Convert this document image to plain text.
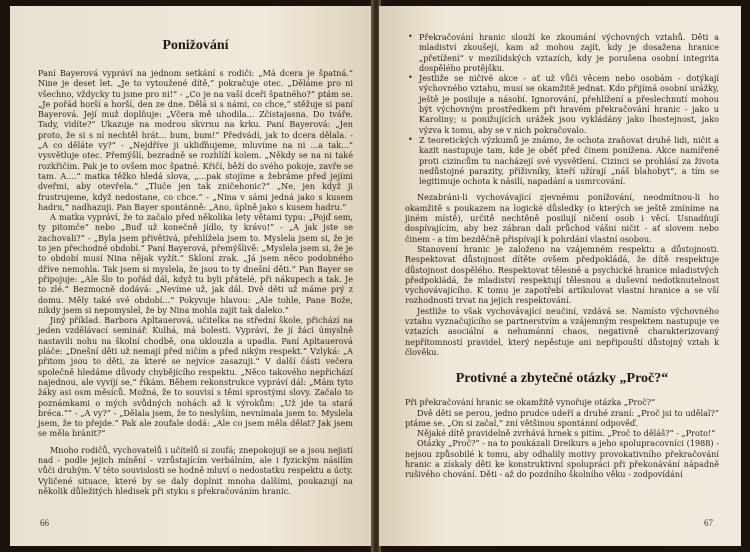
Ponižování

Paní Bayerová vypráví na jednom setkání s rodiči: „Má dcera je špatná.“ Nine je deset let. „Je to vytoužené dítě,“ pokračuje otec. „Děláme pro ni všechno, vždycky tu jsme pro ni!“ - „Co je na vaší dceři špatného?“ ptám se. „Je pořád horší a horší, den ze dne. Dělá si s námi, co chce,“ stěžuje si paní Bayerová. Její muž doplňuje: „Včera mě uhodila... Zčistajasna. Do tváře. Tady, vidíte?“ Ukazuje na modrou skvrnu na krku. Paní Bayerová: „Jen proto, že si s ní nechtěl hrát... bum, bum!“ Předvádí, jak to dcera dělala. - „A co děláte vy?“ - „Nejdříve ji ukliďňujeme, mluvíme na ni ...a tak...“ vysvětluje otec. Přemýšlí, bezradně se rozhlíží kolem. „Někdy se na ni také rozkřičím. Pak je to ovšem moc špatné. Křičí, běží do svého pokoje, zavře se tam. A....“ matka těžko hledá slova, „...pak stojíme a žebráme před jejími dveřmi, aby otevřela.“ „Tluče jen tak zničehonic?“ „Ne, jen když ji frustrujeme, když nedostane, co chce.“ - „Nina v sámi jedná jako s kusem hadru,“ nadhazuji. Pan Bayer spontánně: „Ano, úplně jako s kusem hadru.“

A matka vypráví, že to začalo před několika lety větami typu: „Pojď sem, ty pitomče“ nebo „Buď už konečně jídlo, ty krávo!“ - „A jak jste se zachovali?“ - „Byla jsem přivětivá, přehlížela jsem to. Myslela jsem si, že je to jen přechodné období.“ Paní Bayerová, přemýšlivě: „Myslela jsem si, že je to období musí Nina nějak vyžít.“ Skloní zrak. „Já jsem něco podobného dříve nemohla. Tak jsem si myslela, že jsou to ty dnešní děti.“ Pan Bayer se připojuje: „Ale šlo to pořád dál, když tu byli přátelé, při nákupech a tak. Je to zlé.“ Bezmocně dodává: „Nevíme už, jak dál. Dvě děti už máme prý z domu. Měly také své období...“ Pokyvuje hlavou: „Ale tohle, Pane Bože, nikdy jsem si nepomyslel, že by Nina mohla zajít tak daleko.“

Jiný příklad. Barbora Apltauerová, učitelka na střední škole, přichází na jeden vzdělávací seminář. Kulhá, má bolesti. Vypráví, že jí žáci úmyslně nastavili nohu na školní chodbě, ona uklouzla a upadla. Paní Apltauerová pláče: „Dnešní děti už nemají před ničím a před nikým respekt.“ Vzlyká: „A přitom jsou to děti, za které se nejvíce zasazuji.“ V další části večera společně hledáme důvody chybějícího respektu. „Něco takového nepřichází najednou, ale vyvíjí se,“ říkám. Během rekonstrukce vypráví dál: „Mám tyto žáky asi osm měsíců. Možná, že to souvisí s těmi sprostými slovy. Začalo to poznámkami o mých svůdných nohách až k výrokům: „Už jde ta stará bréca.““ - „A vy?“ - „Dělala jsem, že to neslyším, nevnímala jsem to. Myslela jsem, že to přejde.“ Pak ale zoufale dodá: „Ale co jsem měla dělat? Jak jsem se měla bránit?“

Mnoho rodičů, vychovatelů i učitelů si zoufá; znepokojují se a jsou nejistí nad - podle jejich mínění - vzrůstajícím verbálním, ale i fyzickým násilím vůči druhým. V této souvislosti se hodně mluví o nedostatku respektu a úcty. Vyličené situace, které by se daly doplnit mnoha dalšími, poukazují na několik důležitých hledisek při styku s překračováním hranic.

66
• Překračování hranic slouží ke zkoumání výchovných vztahů. Děti a mladiství zkoušejí, kam až mohou zajít, kdy je dosažena hranice „přetížení“ v mezilidských vztazích, kdy je porušena osobní integrita dospělého protějšku.
• Jestliže se ničivé akce - ať už vůči věcem nebo osobám - dotýkají výchovného vztahu, musí se okamžitě jednat. Kdo přijímá osobní urážky, ještě je posiluje a násobí. Ignorování, přehlížení a přeslechnutí mohou být výchovným prostředkem při hravém překračování hranic - jako u Karoliny; u ponižujících urážek jsou vykládány jako lhostejnost, jako výzva k tomu, aby se v nich pokračovalo.
• Z teoretických výzkumů je známo, že ochota zraňovat druhé lidi, ničit a kazit nastupuje tam, kde je oběť před činem poníženа. Akce namířené proti cizincům tu nacházejí své vysvětlení. Cizinci se prohlásí za života nedůstojné parazity, příživníky, kteří užírají „náš blahobyt“, a tím se legitimuje ochota k násilí, napadání a usmrcování.

Nezabráni-li vychovávající zjevnému ponížování, neodmítnou-li ho okamžitě s poukazem na logické důsledky (o kterých se ještě zmíníme na jiném místě), určitě nechtěně posilují ničení osob i věcí. Usnadňují dospívajícím, aby bez zábran dali průchod vášni ničit - ať slovem nebo činem - a tím bezděčně přispívají k pohrdání vlastní osobou.

Stanovení hranic je založeno na vzájemném respektu a důstojnosti. Respektovat důstojnost dítěte ovšem předpokládá, že dítě respektuje důstojnost dospělého. Respektovat tělesné a psychické hranice mladistvých předpokládá, že mladiství respektují tělesnou a duševní nedotknutelnost vychovávajícího. K tomu je zapotřebí artikulovat vlastní hranice a se vší rozhodností trvat na jejich respektování.

Jestliže to však vychovávající neučiní, vzdává se. Namísto výchovného vztahu vyznačujícího se partnerstvím a vzájemným respektem nastupuje ve vztazích asociální a nehumánní chaos, negativně charakterizovaný nepřítomností pravidel, který nepěstuje ani nepřipouští důstojný vztah k člověku.

Protivné a zbytečné otázky „Proč?“

Při překračování hranic se okamžitě vynořuje otázka „Proč?“

Dvě děti se perou, jedno prudce udeří a druhé zraní: „Proč jsi to udělal?“ ptáme se. „On si začal,“ zní většinou spontánní odpověď.

Nějaké dítě pravidelně zvrhává hrnek s pitím. „Proč to děláš?“ - „Proto!“

Otázky „Proč?“ - na to poukázali Dreikurs a jeho spolupracovníci (1988) - nejsou způsobilé k tomu, aby odhalily motivy provokativního překračování hranic a získaly děti ke konstruktivní spolupráci při překonávání nápadně rušivého chování. Děti - až do pozdního školního věku - zodpovídání

67
